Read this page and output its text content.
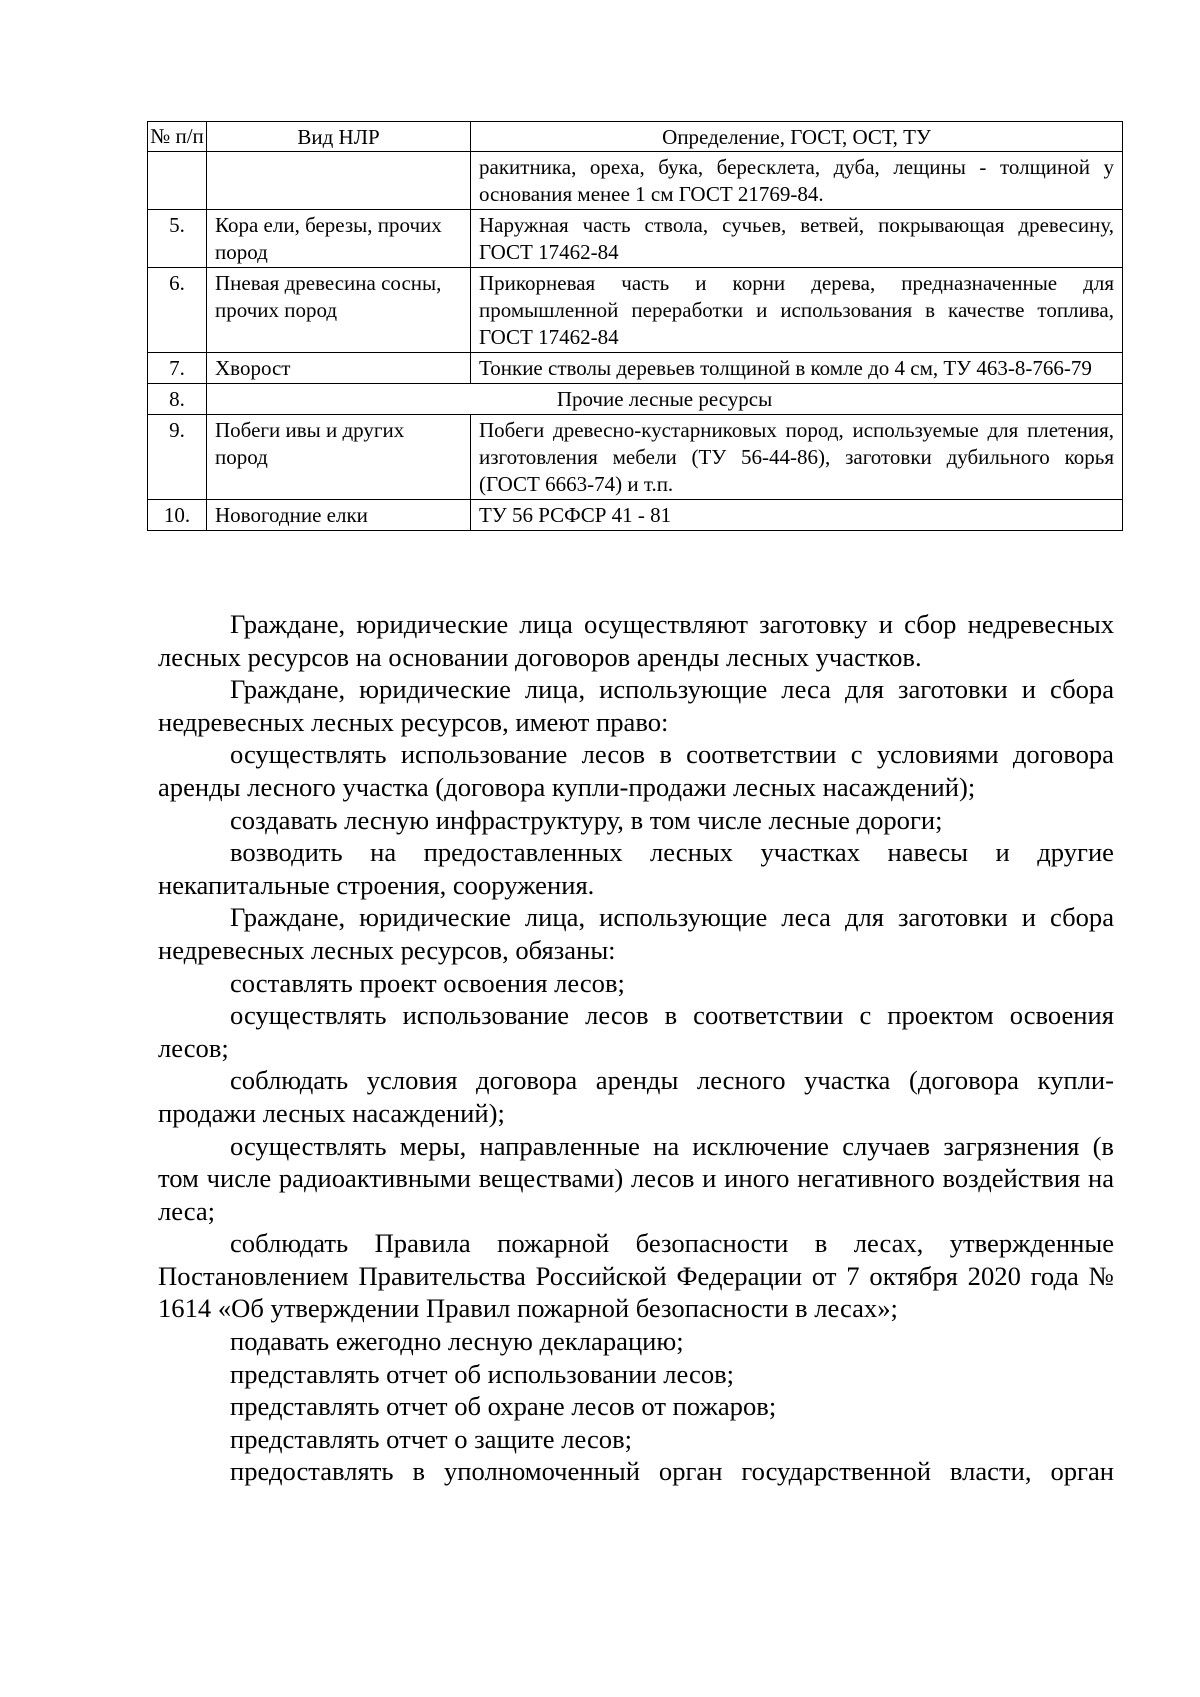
№ п/п	Вид НЛР	Определение, ГОСТ, ОСТ, ТУ
		ракитника, ореха, бука, бересклета, дуба, лещины - толщиной у основания менее 1 см ГОСТ 21769-84.
5.	Кора ели, березы, прочих пород	Наружная часть ствола, сучьев, ветвей, покрывающая древесину, ГОСТ 17462-84
6.	Пневая древесина сосны, прочих пород	Прикорневая часть и корни дерева, предназначенные для промышленной переработки и использования в качестве топлива, ГОСТ 17462-84
7.	Хворост	Тонкие стволы деревьев толщиной в комле до 4 см, ТУ 463-8-766-79
8.	Прочие лесные ресурсы	
9.	Побеги ивы и других пород	Побеги древесно-кустарниковых пород, используемые для плетения, изготовления мебели (ТУ 56-44-86), заготовки дубильного корья (ГОСТ 6663-74) и т.п.
10.	Новогодние елки	ТУ 56 РСФСР 41 - 81

Граждане, юридические лица осуществляют заготовку и сбор недревесных лесных ресурсов на основании договоров аренды лесных участков.

Граждане, юридические лица, использующие леса для заготовки и сбора недревесных лесных ресурсов, имеют право:

осуществлять использование лесов в соответствии с условиями договора аренды лесного участка (договора купли-продажи лесных насаждений);

создавать лесную инфраструктуру, в том числе лесные дороги;

возводить на предоставленных лесных участках навесы и другие некапитальные строения, сооружения.

Граждане, юридические лица, использующие леса для заготовки и сбора недревесных лесных ресурсов, обязаны:

составлять проект освоения лесов;

осуществлять использование лесов в соответствии с проектом освоения лесов;

соблюдать условия договора аренды лесного участка (договора купли-продажи лесных насаждений);

осуществлять меры, направленные на исключение случаев загрязнения (в том числе радиоактивными веществами) лесов и иного негативного воздействия на леса;

соблюдать Правила пожарной безопасности в лесах, утвержденные Постановлением Правительства Российской Федерации от 7 октября 2020 года № 1614 «Об утверждении Правил пожарной безопасности в лесах»;

подавать ежегодно лесную декларацию;

представлять отчет об использовании лесов;

представлять отчет об охране лесов от пожаров;

представлять отчет о защите лесов;

предоставлять в уполномоченный орган государственной власти, орган
